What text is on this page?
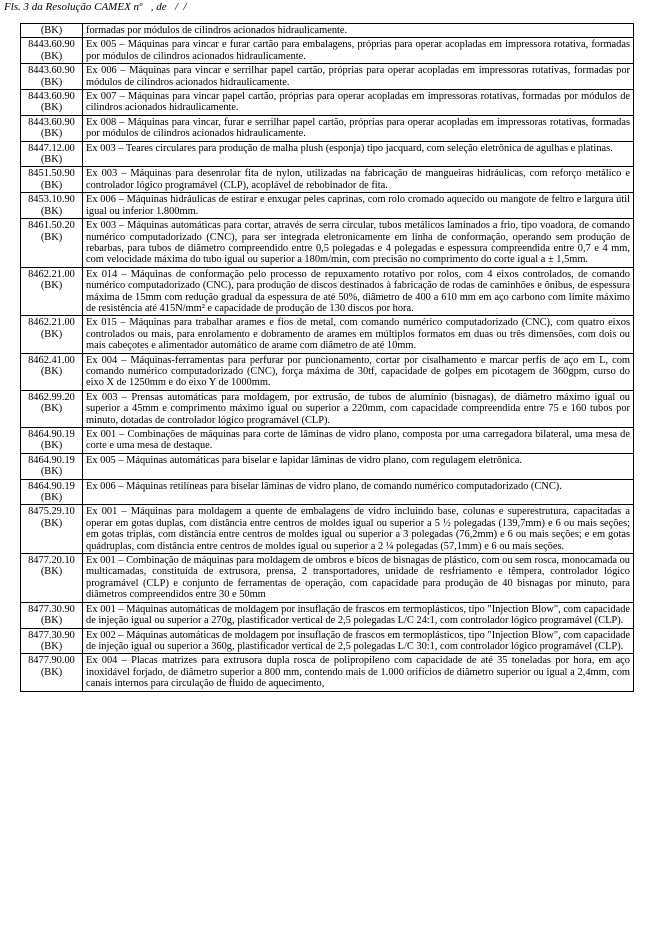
Fls. 3 da Resolução CAMEX nº   , de   /  /
(BK)	formadas por módulos de cilindros acionados hidraulicamente.

8443.60.90
(BK)	Ex 005 – Máquinas para vincar e furar cartão para embalagens, próprias para operar acopladas em impressora rotativa, formadas por módulos de cilindros acionados hidraulicamente.

8443.60.90
(BK)	Ex 006 – Máquinas para vincar e serrilhar papel cartão, próprias para operar acopladas em impressoras rotativas, formadas por módulos de cilindros acionados hidraulicamente.

8443.60.90
(BK)	Ex 007 – Máquinas para vincar papel cartão, próprias para operar acopladas em impressoras rotativas, formadas por módulos de cilindros acionados hidraulicamente.

8443.60.90
(BK)	Ex 008 – Máquinas para vincar, furar e serrilhar papel cartão, próprias para operar acopladas em impressoras rotativas, formadas por módulos de cilindros acionados hidraulicamente.

8447.12.00
(BK)	Ex 003 – Teares circulares para produção de malha plush (esponja) tipo jacquard, com seleção eletrônica de agulhas e platinas.

8451.50.90
(BK)	Ex 003 – Máquinas para desenrolar fita de nylon, utilizadas na fabricação de mangueiras hidráulicas, com reforço metálico e controlador lógico programável (CLP), acoplável de rebobinador de fita.

8453.10.90
(BK)	Ex 006 – Máquinas hidráulicas de estirar e enxugar peles caprinas, com rolo cromado aquecido ou mangote de feltro e largura útil igual ou inferior 1.800mm.

8461.50.20
(BK)	Ex 003 – Máquinas automáticas para cortar, através de serra circular, tubos metálicos laminados a frio, tipo voadora, de comando numérico computadorizado (CNC), para ser integrada eletronicamente em linha de conformação, operando sem produção de rebarbas, para tubos de diâmetro compreendido entre 0,5 polegadas e 4 polegadas e espessura compreendida entre 0,7 e 4 mm, com velocidade máxima do tubo igual ou superior a 180m/min, com precisão no comprimento do corte igual a ± 1,5mm.

8462.21.00
(BK)	Ex 014 – Máquinas de conformação pelo processo de repuxamento rotativo por rolos, com 4 eixos controlados, de comando numérico computadorizado (CNC), para produção de discos destinados à fabricação de rodas de caminhões e ônibus, de espessura máxima de 15mm com redução gradual da espessura de até 50%, diâmetro de 400 a 610 mm em aço carbono com limite máximo de resistência até 415N/mm² e capacidade de produção de 130 discos por hora.

8462.21.00
(BK)	Ex 015 – Máquinas para trabalhar arames e fios de metal, com comando numérico computadorizado (CNC), com quatro eixos controlados ou mais, para enrolamento e dobramento de arames em múltiplos formatos em duas ou três dimensões, com dois ou mais cabeçotes e alimentador automático de arame com diâmetro de até 10mm.

8462.41.00
(BK)	Ex 004 – Máquinas-ferramentas para perfurar por puncionamento, cortar por cisalhamento e marcar perfis de aço em L, com comando numérico computadorizado (CNC), força máxima de 30tf, capacidade de golpes em picotagem de 360gpm, curso do eixo X de 1250mm e do eixo Y de 1000mm.

8462.99.20
(BK)	Ex 003 – Prensas automáticas para moldagem, por extrusão, de tubos de alumínio (bisnagas), de diâmetro máximo igual ou superior a 45mm e comprimento máximo igual ou superior a 220mm, com capacidade compreendida entre 75 e 160 tubos por minuto, dotadas de controlador lógico programável (CLP).

8464.90.19
(BK)	Ex 001 – Combinações de máquinas para corte de lâminas de vidro plano, composta por uma carregadora bilateral, uma mesa de corte e uma mesa de destaque.

8464.90.19
(BK)	Ex 005 – Máquinas automáticas para biselar e lapidar lâminas de vidro plano, com regulagem eletrônica.

8464.90.19
(BK)	Ex 006 – Máquinas retilíneas para biselar lâminas de vidro plano, de comando numérico computadorizado (CNC).

8475.29.10
(BK)	Ex 001 – Máquinas para moldagem a quente de embalagens de vidro incluindo base, colunas e superestrutura, capacitadas a operar em gotas duplas, com distância entre centros de moldes igual ou superior a 5 ½ polegadas (139,7mm) e 6 ou mais seções; em gotas triplas, com distância entre centros de moldes igual ou superior a 3 polegadas (76,2mm) e 6 ou mais seções; e em gotas quádruplas, com distância entre centros de moldes igual ou superior a 2 ¼ polegadas (57,1mm) e 6 ou mais seções.

8477.20.10
(BK)	Ex 001 – Combinação de máquinas para moldagem de ombros e bicos de bisnagas de plástico, com ou sem rosca, monocamada ou multicamadas, constituída de extrusora, prensa, 2 transportadores, unidade de resfriamento e têmpera, controlador lógico programável (CLP) e conjunto de ferramentas de operação, com capacidade para produção de 40 bisnagas por minuto, para diâmetros compreendidos entre 30 e 50mm

8477.30.90
(BK)	Ex 001 – Máquinas automáticas de moldagem por insuflação de frascos em termoplásticos, tipo "Injection Blow", com capacidade de injeção igual ou superior a 270g, plastificador vertical de 2,5 polegadas L/C 24:1, com controlador lógico programável (CLP).

8477.30.90
(BK)	Ex 002 – Máquinas automáticas de moldagem por insuflação de frascos em termoplásticos, tipo "Injection Blow", com capacidade de injeção igual ou superior a 360g, plastificador vertical de 2,5 polegadas L/C 30:1, com controlador lógico programável (CLP).

8477.90.00
(BK)	Ex 004 – Placas matrizes para extrusora dupla rosca de polipropileno com capacidade de até 35 toneladas por hora, em aço inoxidável forjado, de diâmetro superior a 800 mm, contendo mais de 1.000 orifícios de diâmetro superior ou igual a 2,4mm, com canais internos para circulação de fluido de aquecimento,
